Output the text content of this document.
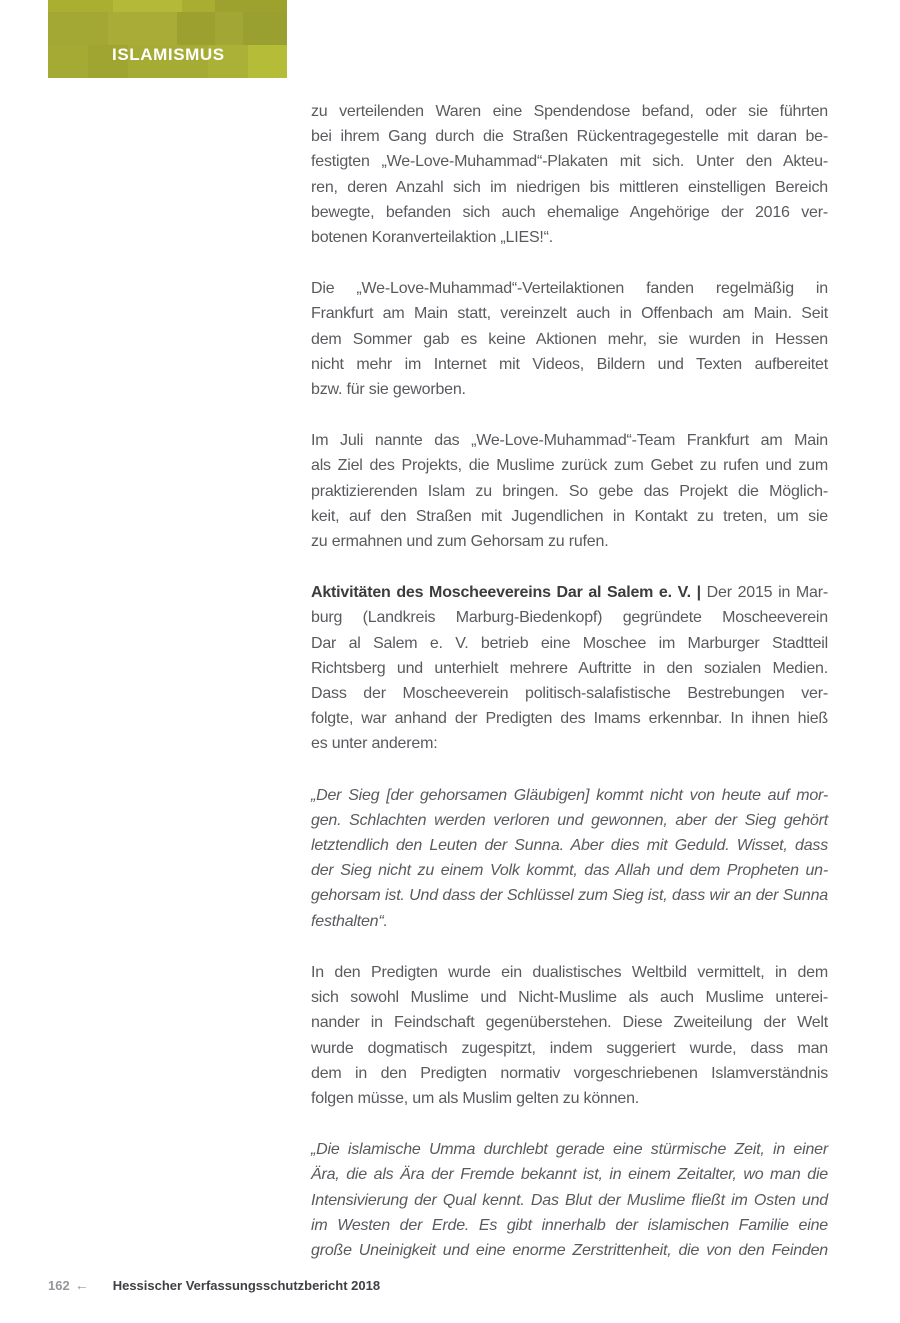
ISLAMISMUS
zu verteilenden Waren eine Spendendose befand, oder sie führten
bei ihrem Gang durch die Straßen Rückentragegestelle mit daran be-
festigten „We-Love-Muhammad“-Plakaten mit sich. Unter den Akteu-
ren, deren Anzahl sich im niedrigen bis mittleren einstelligen Bereich
bewegte, befanden sich auch ehemalige Angehörige der 2016 ver-
botenen Koranverteilaktion „LIES!“.
Die „We-Love-Muhammad“-Verteilaktionen fanden regelmäßig in
Frankfurt am Main statt, vereinzelt auch in Offenbach am Main. Seit
dem Sommer gab es keine Aktionen mehr, sie wurden in Hessen
nicht mehr im Internet mit Videos, Bildern und Texten aufbereitet
bzw. für sie geworben.
Im Juli nannte das „We-Love-Muhammad“-Team Frankfurt am Main
als Ziel des Projekts, die Muslime zurück zum Gebet zu rufen und zum
praktizierenden Islam zu bringen. So gebe das Projekt die Möglich-
keit, auf den Straßen mit Jugendlichen in Kontakt zu treten, um sie
zu ermahnen und zum Gehorsam zu rufen.
Aktivitäten des Moscheevereins Dar al Salem e. V. | Der 2015 in Mar-
burg (Landkreis Marburg-Biedenkopf) gegründete Moscheeverein
Dar al Salem e. V. betrieb eine Moschee im Marburger Stadtteil
Richtsberg und unterhielt mehrere Auftritte in den sozialen Medien.
Dass der Moscheeverein politisch-salafistische Bestrebungen ver-
folgte, war anhand der Predigten des Imams erkennbar. In ihnen hieß
es unter anderem:
„Der Sieg [der gehorsamen Gläubigen] kommt nicht von heute auf mor-
gen. Schlachten werden verloren und gewonnen, aber der Sieg gehört
letztendlich den Leuten der Sunna. Aber dies mit Geduld. Wisset, dass
der Sieg nicht zu einem Volk kommt, das Allah und dem Propheten un-
gehorsam ist. Und dass der Schlüssel zum Sieg ist, dass wir an der Sunna
festhalten“.
In den Predigten wurde ein dualistisches Weltbild vermittelt, in dem
sich sowohl Muslime und Nicht-Muslime als auch Muslime unterei-
nander in Feindschaft gegenüberstehen. Diese Zweiteilung der Welt
wurde dogmatisch zugespitzt, indem suggeriert wurde, dass man
dem in den Predigten normativ vorgeschriebenen Islamverständnis
folgen müsse, um als Muslim gelten zu können.
„Die islamische Umma durchlebt gerade eine stürmische Zeit, in einer
Ära, die als Ära der Fremde bekannt ist, in einem Zeitalter, wo man die
Intensivierung der Qual kennt. Das Blut der Muslime fließt im Osten und
im Westen der Erde. Es gibt innerhalb der islamischen Familie eine
große Uneinigkeit und eine enorme Zerstrittenheit, die von den Feinden
162 ← Hessischer Verfassungsschutzbericht 2018
